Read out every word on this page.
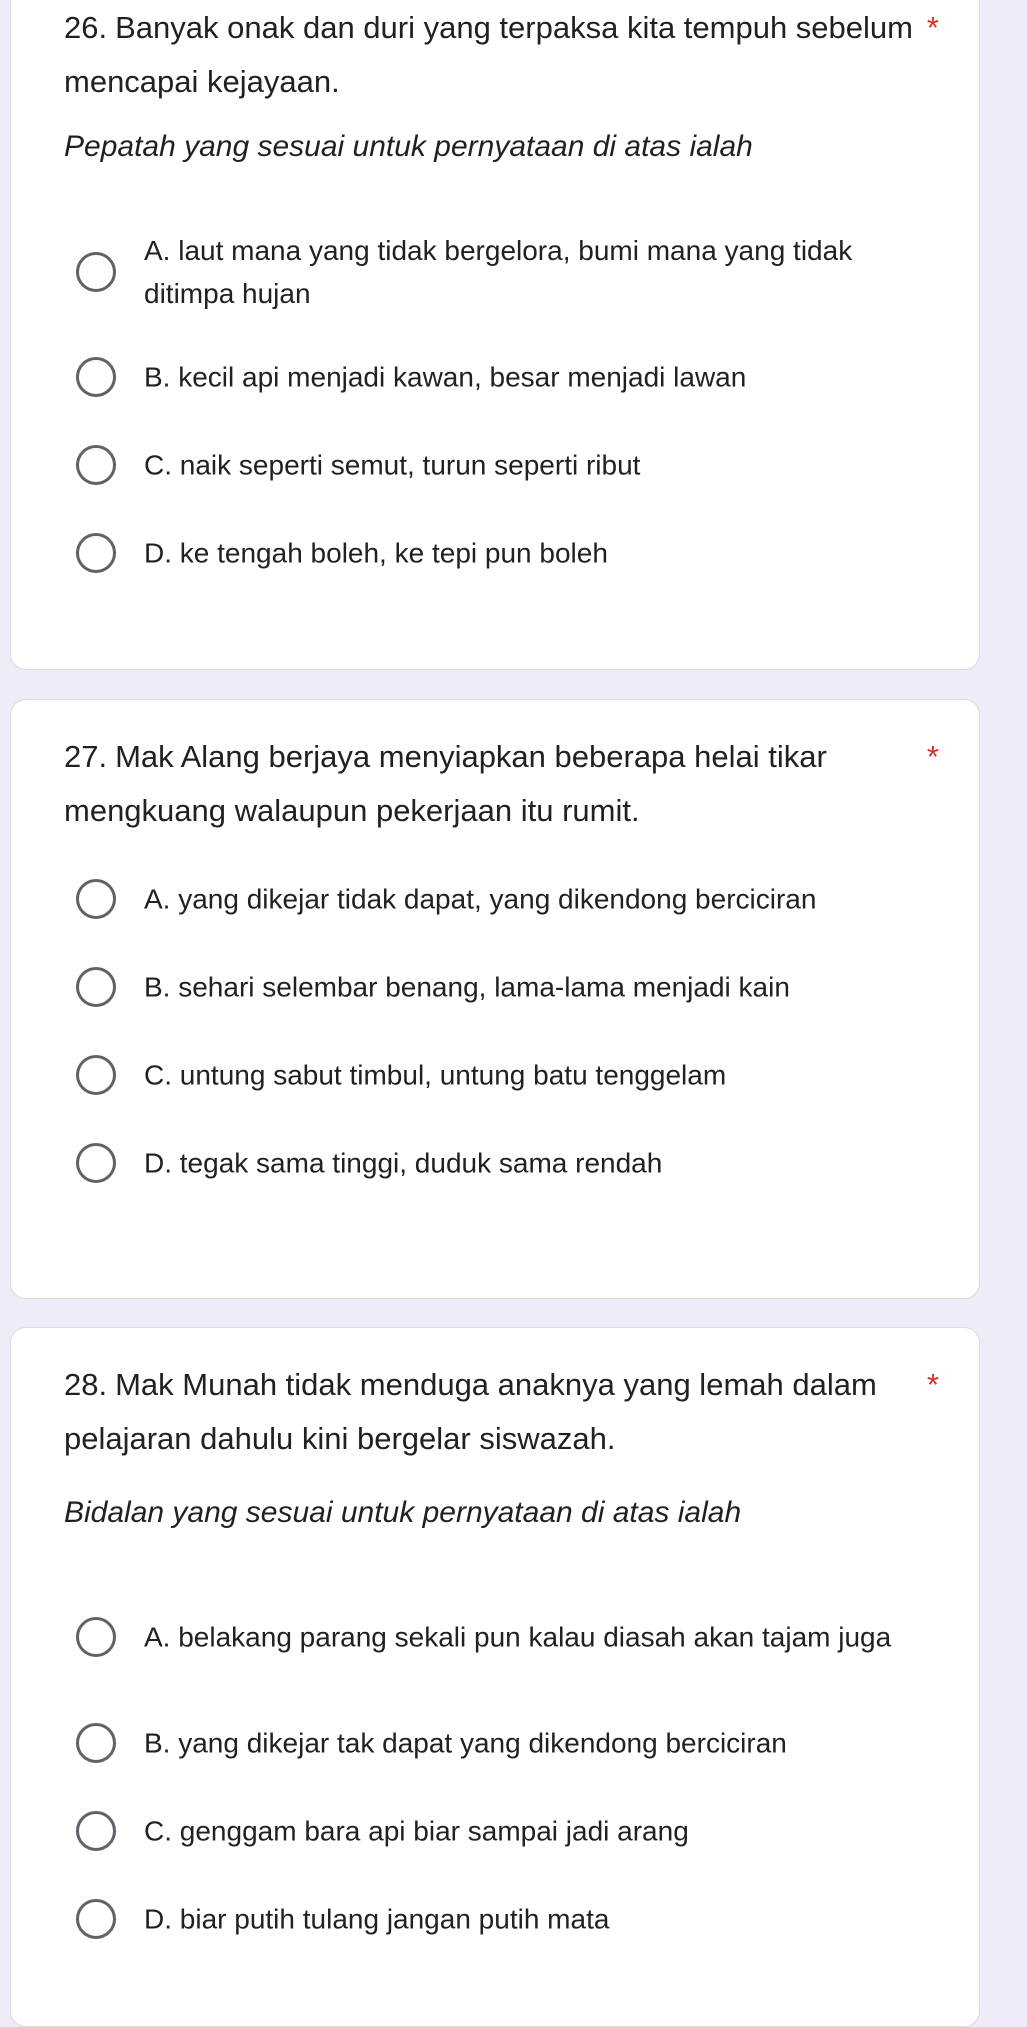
26. Banyak onak dan duri yang terpaksa kita tempuh sebelum mencapai kejayaan.
*
Pepatah yang sesuai untuk pernyataan di atas ialah
A. laut mana yang tidak bergelora, bumi mana yang tidak ditimpa hujan
B. kecil api menjadi kawan, besar menjadi lawan
C. naik seperti semut, turun seperti ribut
D. ke tengah boleh, ke tepi pun boleh
27. Mak Alang berjaya menyiapkan beberapa helai tikar mengkuang walaupun pekerjaan itu rumit.
*
A. yang dikejar tidak dapat, yang dikendong berciciran
B. sehari selembar benang, lama-lama menjadi kain
C. untung sabut timbul, untung batu tenggelam
D. tegak sama tinggi, duduk sama rendah
28. Mak Munah tidak menduga anaknya yang lemah dalam pelajaran dahulu kini bergelar siswazah.
*
Bidalan yang sesuai untuk pernyataan di atas ialah
A. belakang parang sekali pun kalau diasah akan tajam juga
B. yang dikejar tak dapat yang dikendong berciciran
C. genggam bara api biar sampai jadi arang
D. biar putih tulang jangan putih mata
